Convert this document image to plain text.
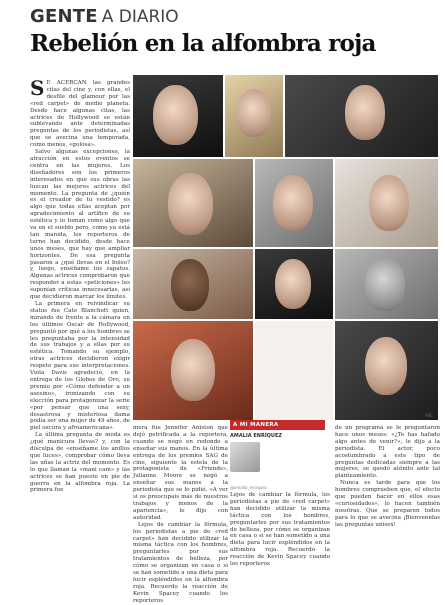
GENTE A DIARIO
Rebelión en la alfombra roja
S E ACERCAN las grandes citas del cine y, con ellas, el desfile del glamour por las «red carpet» de medio planeta. Desde hace algunas citas, las actrices de Hollywood se están sublevando ante determinadas preguntas de los periodistas, así que se avecina una temporada, como menos, «golosa».

Salvo algunas excepciones, la atracción en estos eventos se centra en las mujeres. Los diseñadores son los primeros interesados en que sus obras las luzcan las mejores actrices del momento. La pregunta de ¿quién es el creador de tu vestido? es algo que todas ellas aceptan por agradecimiento al artífice de su estética y lo toman como algo que va en el sueldo pero, como ya está tan manida, los reporteros de turno han decidido, desde hace unos meses, que hay que ampliar horizontes. De esa pregunta pasaron a ¿qué llevas en el bolso? y, luego, enséñame tus zapatos. Algunas actrices comprobaron que responder a estas «peticiones» les suponían críticas innecesarias, así que decidieron marcar los límites.

La primera en reivindicar su status fue Cate Blanchett quien, mirando de frente a la cámara en los últimos Óscar de Hollywood, preguntó por qué a los hombres se les preguntaba por la intensidad de sus trabajos y a ellas por su estética. Tomando su ejemplo, otras actrices decidieron exigir respeto para sus interpretaciones. Viola Davis agradeció, en la entrega de los Globos de Oro, su premio por «Cómo defender a un asesino», ironizando con su elección para protagonizar la serie «por pensar que una sexy, desastrosa y misteriosa dama podía ser una mujer de 49 años, de piel oscura y afroamericana».

La última pregunta de moda es ¿qué manicura llevas? y, con la disculpa de «enséñame los anillos que luces», comprobar cómo lleva las uñas la actriz del momento. Es lo que llaman la «mani cam» y las actrices se han puesto en pie de guerra en la alfombra roja. La primera fue

mera fue Jennifer Aniston que dejó petrificada a la reportera, cuando se negó en redondo a enseñar sus manos. En la última entrega de los premios SAG de cine, siguiente la estela de la protagonista de «Friends», Julianne Moore se negó a enseñar sus manos a la periodista que se lo pidió. «A ver si os preocupais más de nuestros trabajos y menos de la apariencia», le dijo con autoridad.

Lejos de cambiar la fórmula, los periodistas a pie de «red carpet» han decidido utilizar la misma táctica con los hombres, preguntarles por sus tratamientos de belleza, por cómo se organizan en casa o si se han sometido a una dieta para lucir espléndidos en la alfombra roja. Recuerdo la reacción de Kevin Spacey cuando los reporteros

A MI MANERA
AMALIA ENRÍQUEZ
@amalia_enriquez

Lejos de cambiar la fórmula, los periodistas a pie de «red carpet» han decidido utilizar la misma táctica con los hombres, preguntarles por sus tratamientos de belleza, por cómo se organizan en casa o si se han sometido a una dieta para lucir espléndidos en la alfombra roja. Recuerdo la reacción de Kevin Spacey cuando los reporteros

de un programa se le preguntaron hace unos meses: «¿Te has hafado algo antes de venir?», le dijo a la periodista. El actor, poco acostumbrado a este tipo de preguntas dedicadas siempre a las mujeres, se quedó atónito ante tal planteamiento.

Nunca es tarde para que los hombres comprueben que, el efecto que pueden hacer en ellos esas «curiosidades», lo hacen también nosotras. Que se preparen todos para lo que se avecina ¡Bienvenidas las preguntas unisex!

ABC
